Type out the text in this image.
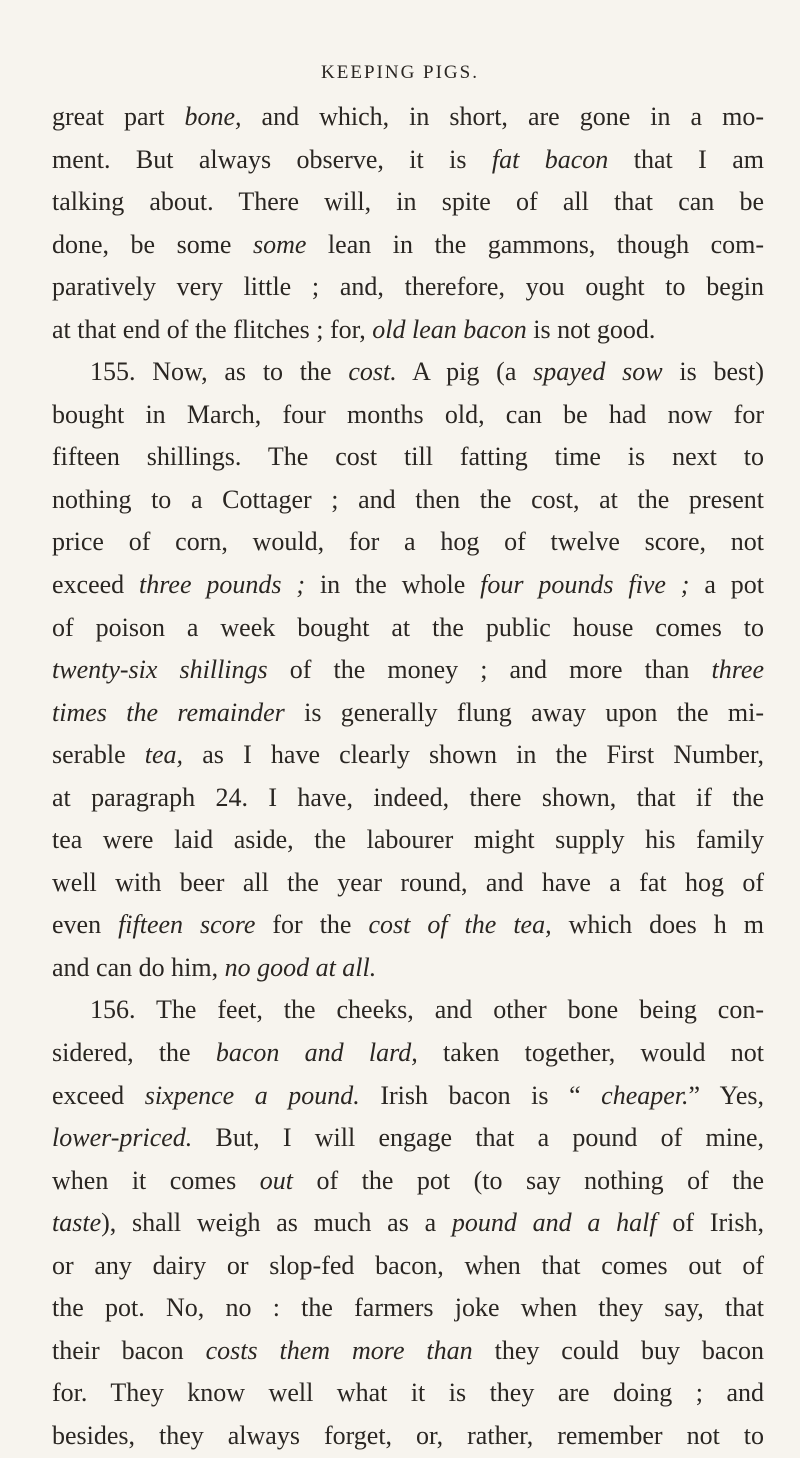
KEEPING PIGS.
great part bone, and which, in short, are gone in a mo-
ment. But always observe, it is fat bacon that I am
talking about. There will, in spite of all that can be
done, be some some lean in the gammons, though com-
paratively very little ; and, therefore, you ought to begin
at that end of the flitches ; for, old lean bacon is not good.
155. Now, as to the cost. A pig (a spayed sow is best)
bought in March, four months old, can be had now for
fifteen shillings. The cost till fatting time is next to
nothing to a Cottager ; and then the cost, at the present
price of corn, would, for a hog of twelve score, not
exceed three pounds ; in the whole four pounds five ; a pot
of poison a week bought at the public house comes to
twenty-six shillings of the money ; and more than three
times the remainder is generally flung away upon the mi-
serable tea, as I have clearly shown in the First Number,
at paragraph 24. I have, indeed, there shown, that if the
tea were laid aside, the labourer might supply his family
well with beer all the year round, and have a fat hog of
even fifteen score for the cost of the tea, which does h m
and can do him, no good at all.
156. The feet, the cheeks, and other bone being con-
sidered, the bacon and lard, taken together, would not
exceed sixpence a pound. Irish bacon is “ cheaper.” Yes,
lower-priced. But, I will engage that a pound of mine,
when it comes out of the pot (to say nothing of the
taste), shall weigh as much as a pound and a half of Irish,
or any dairy or slop-fed bacon, when that comes out of
the pot. No, no : the farmers joke when they say, that
their bacon costs them more than they could buy bacon
for. They know well what it is they are doing ; and
besides, they always forget, or, rather, remember not to
